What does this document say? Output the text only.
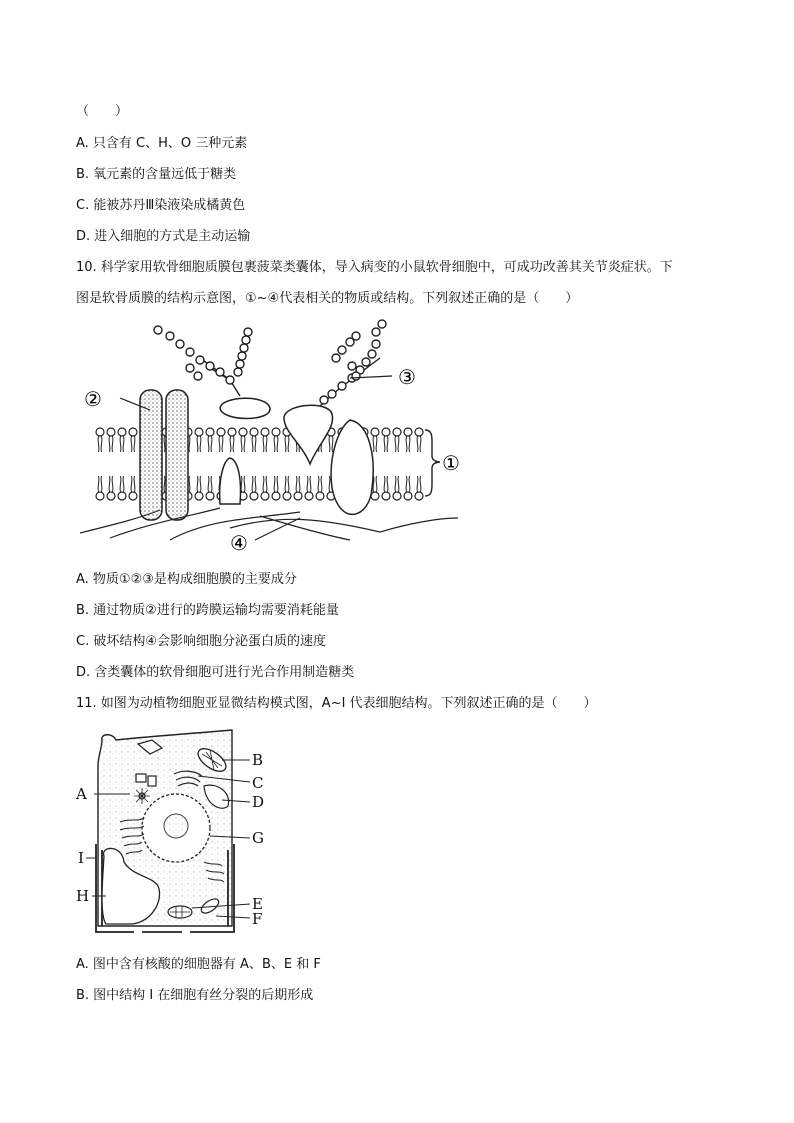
（　　）
A. 只含有 C、H、O 三种元素
B. 氧元素的含量远低于糖类
C. 能被苏丹Ⅲ染液染成橘黄色
D. 进入细胞的方式是主动运输
10. 科学家用软骨细胞质膜包裹菠菜类囊体，导入病变的小鼠软骨细胞中，可成功改善其关节炎症状。下
图是软骨质膜的结构示意图，①~④代表相关的物质或结构。下列叙述正确的是（　　）
①
②
③
④
A. 物质①②③是构成细胞膜的主要成分
B. 通过物质②进行的跨膜运输均需要消耗能量
C. 破坏结构④会影响细胞分泌蛋白质的速度
D. 含类囊体的软骨细胞可进行光合作用制造糖类
11. 如图为动植物细胞亚显微结构模式图，A~I 代表细胞结构。下列叙述正确的是（　　）
A
B
C
D
E
F
G
H
I
A. 图中含有核酸的细胞器有 A、B、E 和 F
B. 图中结构 I 在细胞有丝分裂的后期形成
